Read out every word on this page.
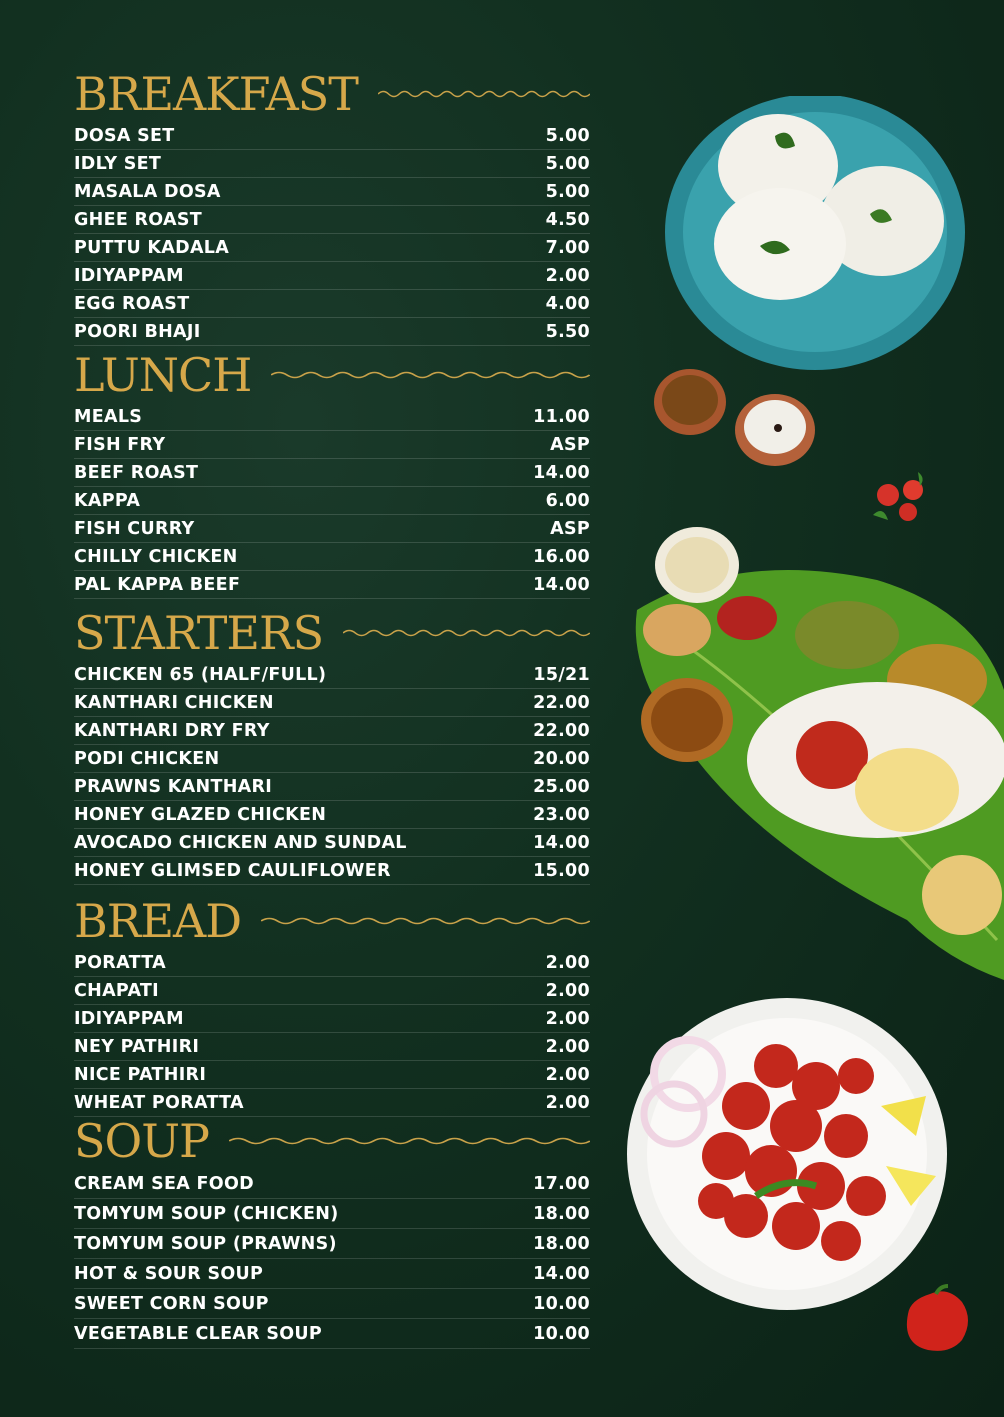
BREAKFAST
DOSA SET	5.00
IDLY SET	5.00
MASALA DOSA	5.00
GHEE ROAST	4.50
PUTTU KADALA	7.00
IDIYAPPAM	2.00
EGG ROAST	4.00
POORI BHAJI	5.50
LUNCH
MEALS	11.00
FISH FRY	ASP
BEEF ROAST	14.00
KAPPA	6.00
FISH CURRY	ASP
CHILLY CHICKEN	16.00
PAL KAPPA BEEF	14.00
STARTERS
CHICKEN 65 (HALF/FULL)	15/21
KANTHARI CHICKEN	22.00
KANTHARI DRY FRY	22.00
PODI CHICKEN	20.00
PRAWNS KANTHARI	25.00
HONEY GLAZED CHICKEN	23.00
AVOCADO CHICKEN AND SUNDAL	14.00
HONEY GLIMSED CAULIFLOWER	15.00
BREAD
PORATTA	2.00
CHAPATI	2.00
IDIYAPPAM	2.00
NEY PATHIRI	2.00
NICE PATHIRI	2.00
WHEAT PORATTA	2.00
SOUP
CREAM SEA FOOD	17.00
TOMYUM SOUP (CHICKEN)	18.00
TOMYUM SOUP (PRAWNS)	18.00
HOT & SOUR SOUP	14.00
SWEET CORN SOUP	10.00
VEGETABLE CLEAR SOUP	10.00
